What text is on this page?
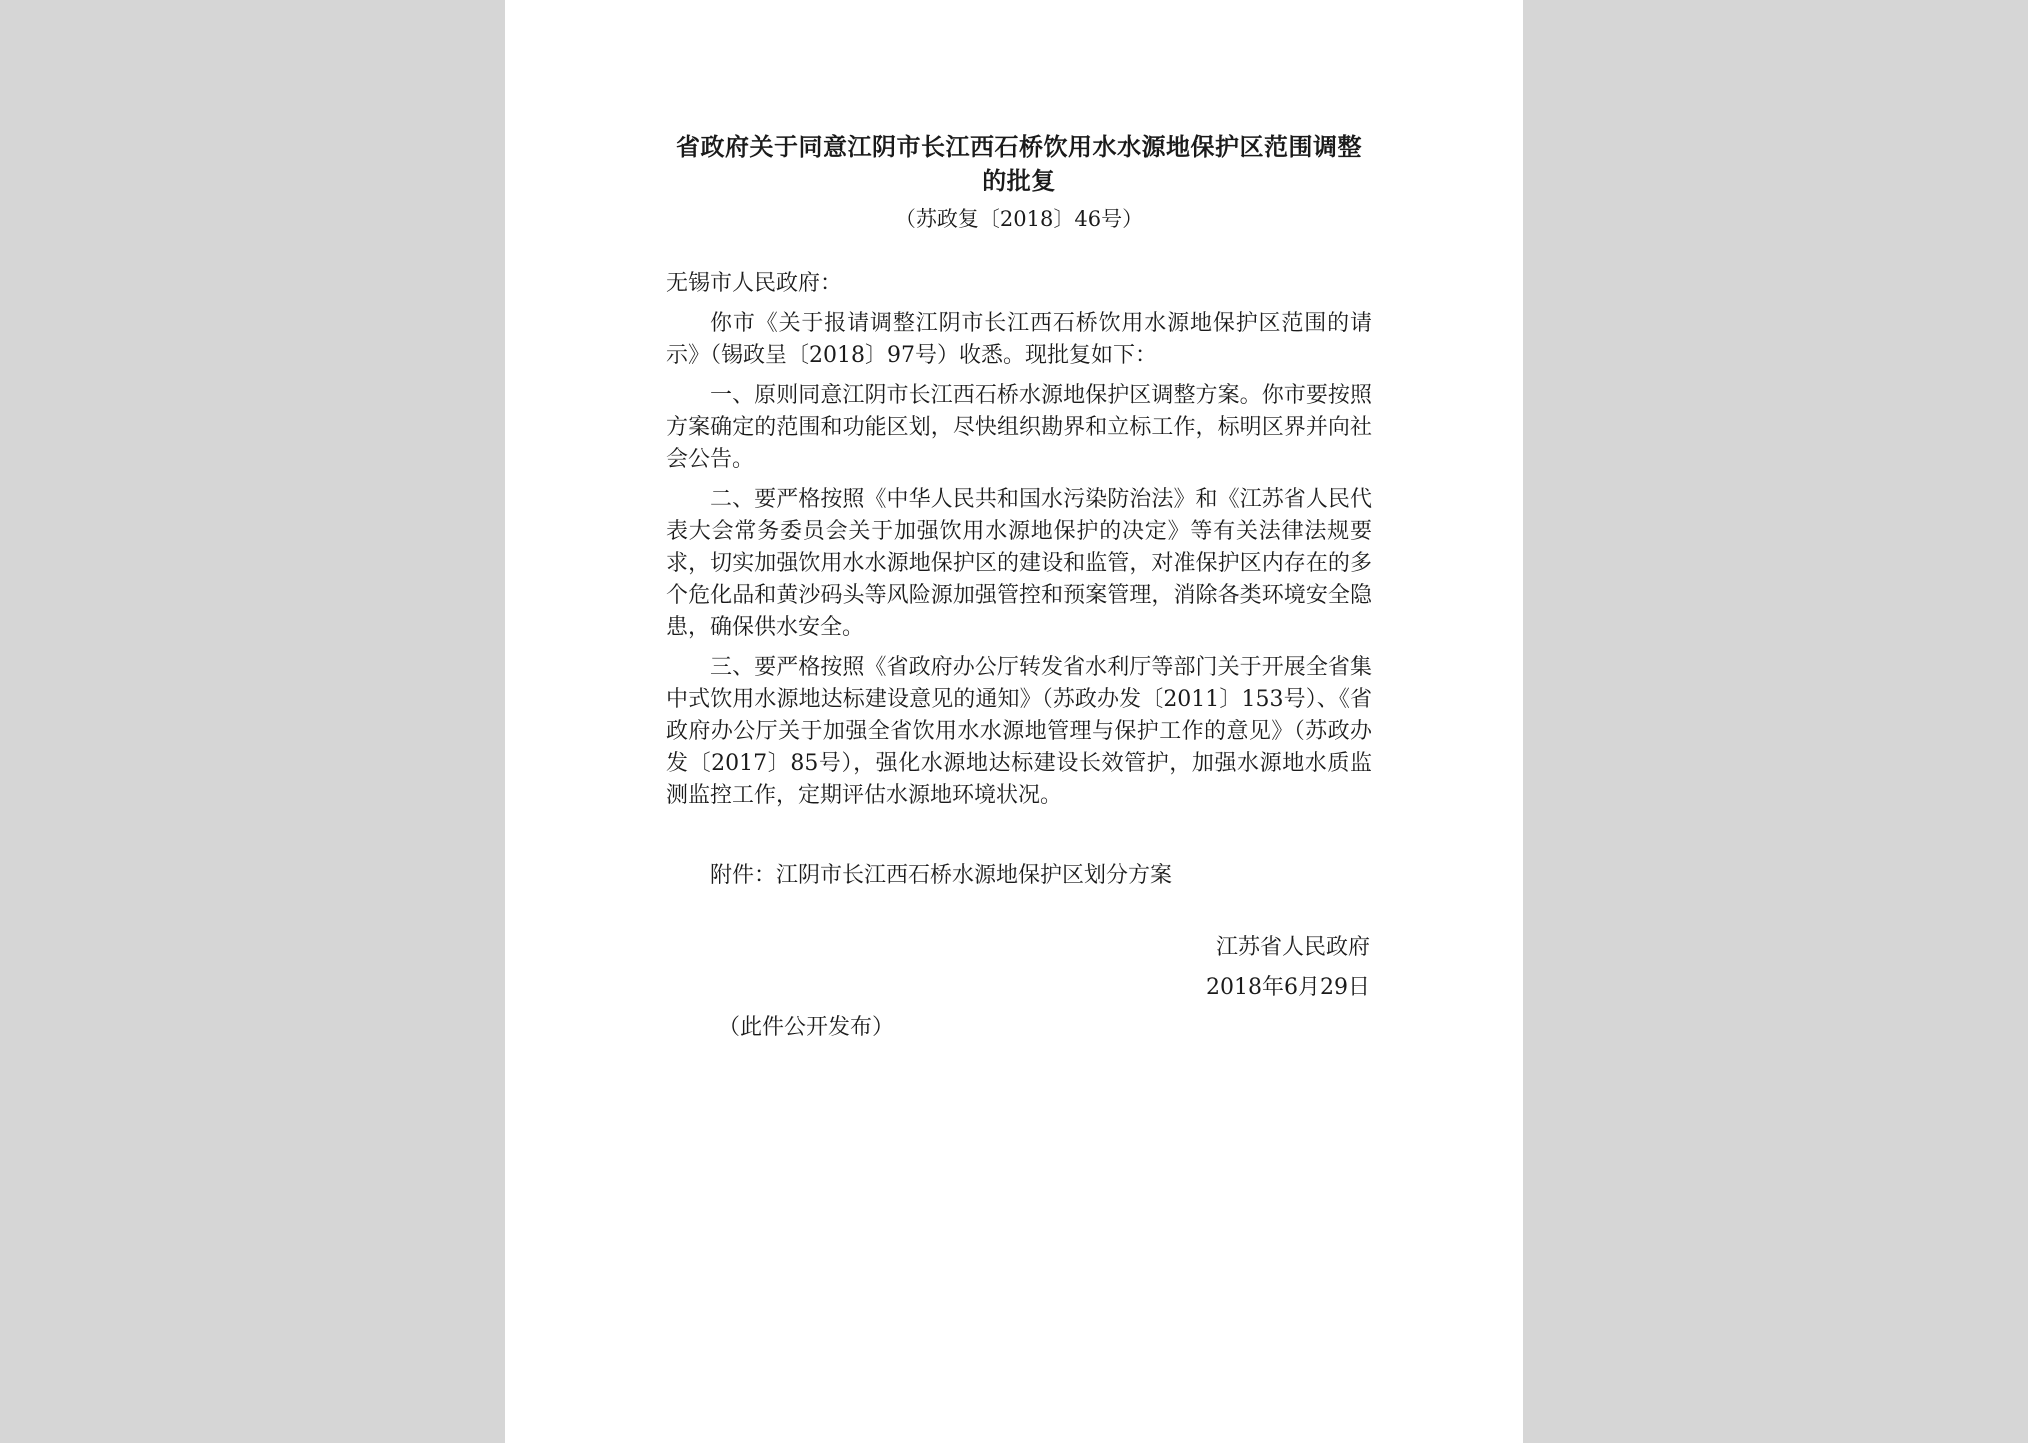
省政府关于同意江阴市长江西石桥饮用水水源地保护区范围调整的批复
（苏政复〔2018〕46号）
无锡市人民政府：
你市《关于报请调整江阴市长江西石桥饮用水源地保护区范围的请示》（锡政呈〔2018〕97号）收悉。现批复如下：
一、原则同意江阴市长江西石桥水源地保护区调整方案。你市要按照方案确定的范围和功能区划，尽快组织勘界和立标工作，标明区界并向社会公告。
二、要严格按照《中华人民共和国水污染防治法》和《江苏省人民代表大会常务委员会关于加强饮用水源地保护的决定》等有关法律法规要求，切实加强饮用水水源地保护区的建设和监管，对准保护区内存在的多个危化品和黄沙码头等风险源加强管控和预案管理，消除各类环境安全隐患，确保供水安全。
三、要严格按照《省政府办公厅转发省水利厅等部门关于开展全省集中式饮用水源地达标建设意见的通知》（苏政办发〔2011〕153号）、《省政府办公厅关于加强全省饮用水水源地管理与保护工作的意见》（苏政办发〔2017〕85号），强化水源地达标建设长效管护，加强水源地水质监测监控工作，定期评估水源地环境状况。
附件：江阴市长江西石桥水源地保护区划分方案
江苏省人民政府
2018年6月29日
（此件公开发布）
